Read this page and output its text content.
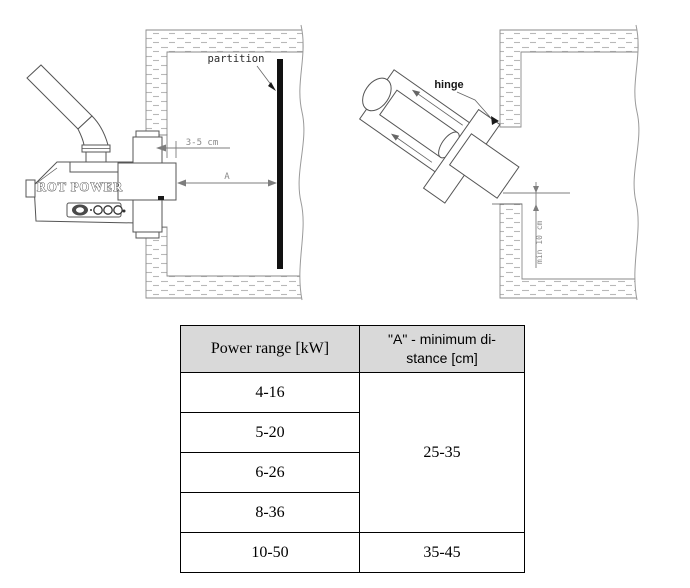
ROT POWER
3-5 cm
A
partition
hinge
min 10 cm
Power range [kW]	"A" - minimum di-
stance [cm]

4-16	25-35
5-20	
6-26	
8-36	
10-50	35-45
